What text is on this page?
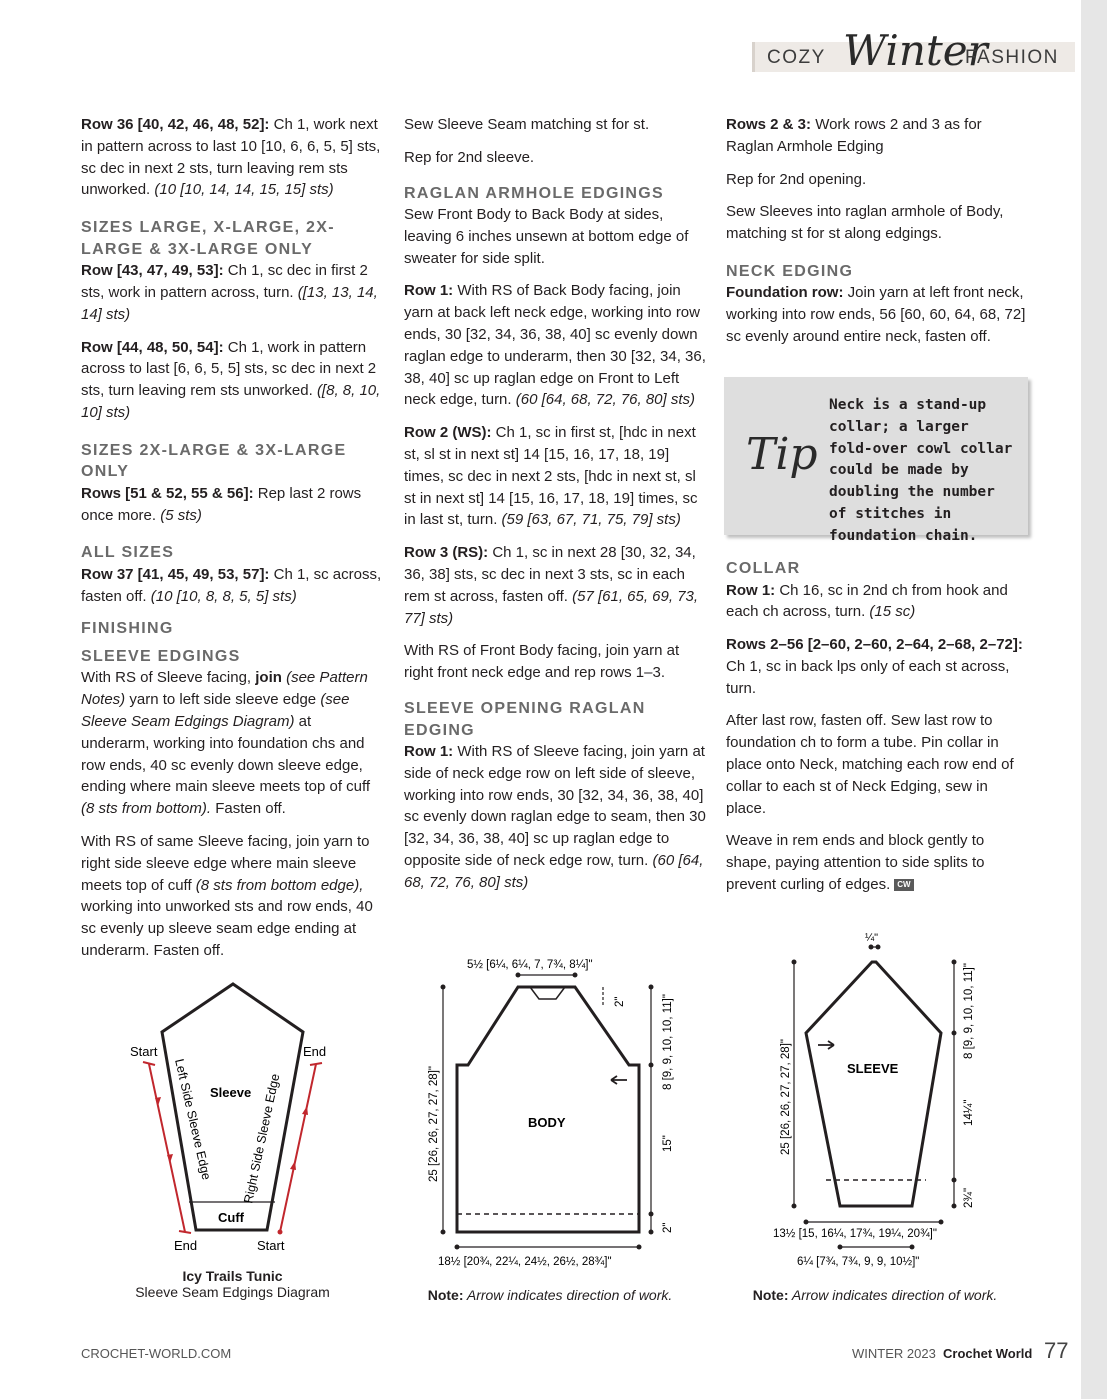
COZY Winter
FASHION

Row 36 [40, 42, 46, 48, 52]: Ch 1, work next in pattern across to last 10 [10, 6, 6, 5, 5] sts, sc dec in next 2 sts, turn leaving rem sts unworked. (10 [10, 14, 14, 15, 15] sts)

SIZES LARGE, X-LARGE, 2X-LARGE & 3X-LARGE ONLY

Row [43, 47, 49, 53]: Ch 1, sc dec in first 2 sts, work in pattern across, turn. ([13, 13, 14, 14] sts)

Row [44, 48, 50, 54]: Ch 1, work in pattern across to last [6, 6, 5, 5] sts, sc dec in next 2 sts, turn leaving rem sts unworked. ([8, 8, 10, 10] sts)

SIZES 2X-LARGE & 3X-LARGE ONLY

Rows [51 & 52, 55 & 56]: Rep last 2 rows once more. (5 sts)

ALL SIZES

Row 37 [41, 45, 49, 53, 57]: Ch 1, sc across, fasten off. (10 [10, 8, 8, 5, 5] sts)

FINISHING
SLEEVE EDGINGS

With RS of Sleeve facing, join (see Pattern Notes) yarn to left side sleeve edge (see Sleeve Seam Edgings Diagram) at underarm, working into foundation chs and row ends, 40 sc evenly down sleeve edge, ending where main sleeve meets top of cuff (8 sts from bottom). Fasten off.

With RS of same Sleeve facing, join yarn to right side sleeve edge where main sleeve meets top of cuff (8 sts from bottom edge), working into unworked sts and row ends, 40 sc evenly up sleeve seam edge ending at underarm. Fasten off.

Sew Sleeve Seam matching st for st.

Rep for 2nd sleeve.

RAGLAN ARMHOLE EDGINGS

Sew Front Body to Back Body at sides, leaving 6 inches unsewn at bottom edge of sweater for side split.

Row 1: With RS of Back Body facing, join yarn at back left neck edge, working into row ends, 30 [32, 34, 36, 38, 40] sc evenly down raglan edge to underarm, then 30 [32, 34, 36, 38, 40] sc up raglan edge on Front to Left neck edge, turn. (60 [64, 68, 72, 76, 80] sts)

Row 2 (WS): Ch 1, sc in first st, [hdc in next st, sl st in next st] 14 [15, 16, 17, 18, 19] times, sc dec in next 2 sts, [hdc in next st, sl st in next st] 14 [15, 16, 17, 18, 19] times, sc in last st, turn. (59 [63, 67, 71, 75, 79] sts)

Row 3 (RS): Ch 1, sc in next 28 [30, 32, 34, 36, 38] sts, sc dec in next 3 sts, sc in each rem st across, fasten off. (57 [61, 65, 69, 73, 77] sts)

With RS of Front Body facing, join yarn at right front neck edge and rep rows 1–3.

SLEEVE OPENING RAGLAN EDGING

Row 1: With RS of Sleeve facing, join yarn at side of neck edge row on left side of sleeve, working into row ends, 30 [32, 34, 36, 38, 40] sc evenly down raglan edge to seam, then 30 [32, 34, 36, 38, 40] sc up raglan edge to opposite side of neck edge row, turn. (60 [64, 68, 72, 76, 80] sts)

Rows 2 & 3: Work rows 2 and 3 as for Raglan Armhole Edging

Rep for 2nd opening.

Sew Sleeves into raglan armhole of Body, matching st for st along edgings.

NECK EDGING

Foundation row: Join yarn at left front neck, working into row ends, 56 [60, 60, 64, 68, 72] sc evenly around entire neck, fasten off.

COLLAR

Row 1: Ch 16, sc in 2nd ch from hook and each ch across, turn. (15 sc)

Rows 2–56 [2–60, 2–60, 2–64, 2–68, 2–72]: Ch 1, sc in back lps only of each st across, turn.

After last row, fasten off. Sew last row to foundation ch to form a tube. Pin collar in place onto Neck, matching each row end of collar to each st of Neck Edging, sew in place.

Weave in rem ends and block gently to shape, paying attention to side splits to prevent curling of edges. CW

Tip
Neck is a stand-up collar; a larger fold-over cowl collar could be made by doubling the number of stitches in foundation chain.
Start	End
End	Start
Sleeve
Cuff
Left Side Sleeve Edge Right Side Sleeve Edge
Icy Trails Tunic
Sleeve Seam Edgings Diagram
5½ [6¼, 6¼, 7, 7¾, 8¼]"
2"	8 [9, 9, 10, 10, 11]"
15"
2"
25 [26, 26, 27, 27, 28]"	BODY
18½ [20¾, 22¼, 24½, 26½, 28¾]"
Note: Arrow indicates direction of work.
¼"
8 [9, 9, 10, 10, 11]"
14¼"
2¾"
25 [26, 26, 27, 27, 28]"	SLEEVE
13½ [15, 16¼, 17¾, 19¼, 20¾]"
6¼ [7¾, 7¾, 9, 9, 10½]"
Note: Arrow indicates direction of work.
CROCHET-WORLD.COM	WINTER 2023 Crochet World 77
